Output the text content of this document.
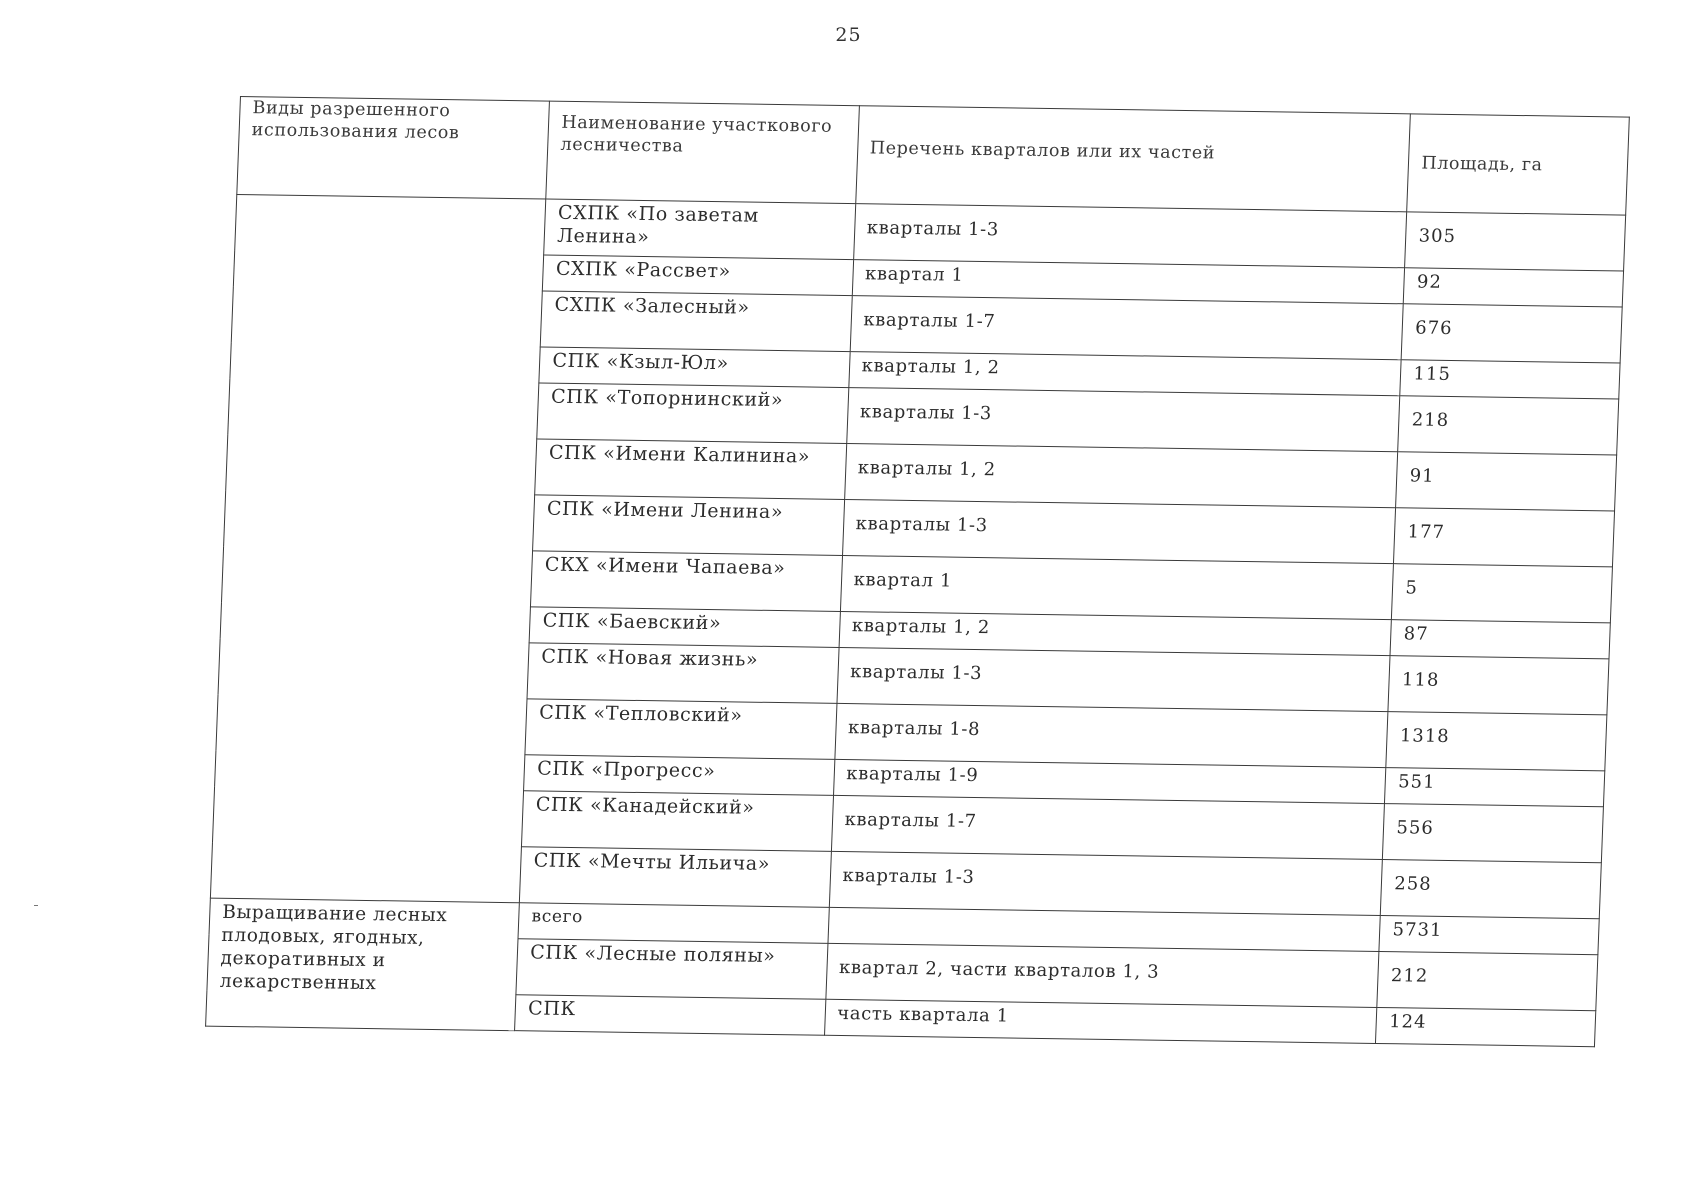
25
Виды разрешенного использования лесов	Наименование участкового лесничества	Перечень кварталов или их частей	Площадь, га
	СХПК «По заветам Ленина»	кварталы 1-3	305
	СХПК «Рассвет»	квартал 1	92
	СХПК «Залесный»	кварталы 1-7	676
	СПК «Кзыл-Юл»	кварталы 1, 2	115
	СПК «Топорнинский»	кварталы 1-3	218
	СПК «Имени Калинина»	кварталы 1, 2	91
	СПК «Имени Ленина»	кварталы 1-3	177
	СКХ «Имени Чапаева»	квартал 1	5
	СПК «Баевский»	кварталы 1, 2	87
	СПК «Новая жизнь»	кварталы 1-3	118
	СПК «Тепловский»	кварталы 1-8	1318
	СПК «Прогресс»	кварталы 1-9	551
	СПК «Канадейский»	кварталы 1-7	556
	СПК «Мечты Ильича»	кварталы 1-3	258
Выращивание лесных плодовых, ягодных, декоративных и лекарственных	всего		5731
	СПК «Лесные поляны»	квартал 2, части кварталов 1, 3	212
	СПК	часть квартала 1	124
